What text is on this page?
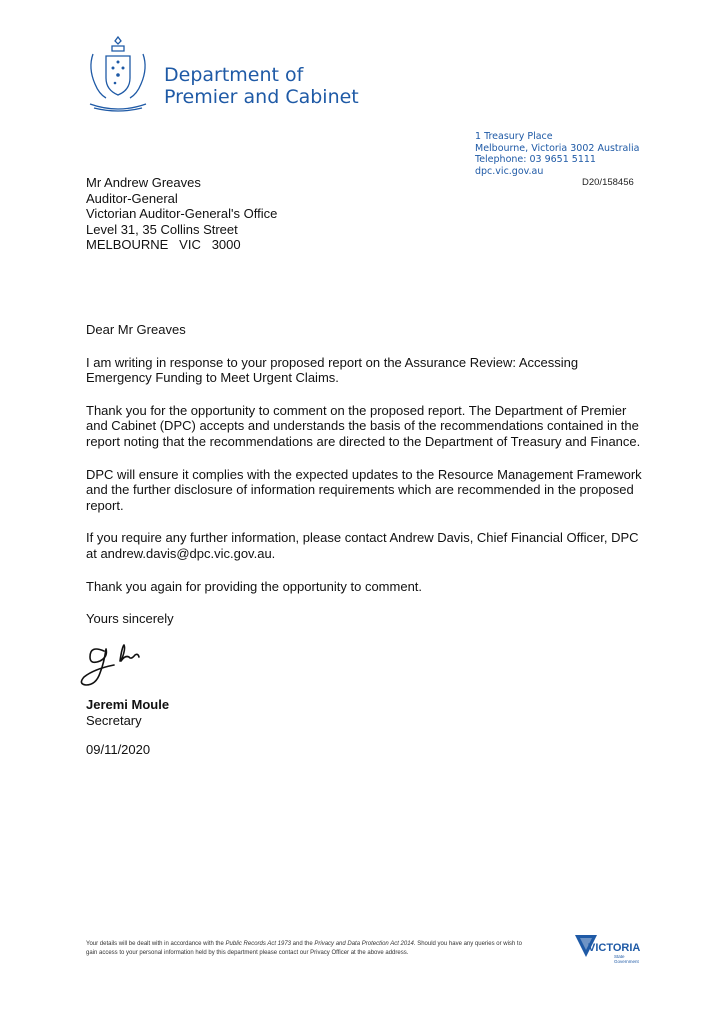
Department of
Premier and Cabinet
1 Treasury Place
Melbourne, Victoria 3002 Australia
Telephone: 03 9651 5111
dpc.vic.gov.au
D20/158456
Mr Andrew Greaves
Auditor-General
Victorian Auditor-General's Office
Level 31, 35 Collins Street
MELBOURNE   VIC   3000

Dear Mr Greaves

I am writing in response to your proposed report on the Assurance Review: Accessing Emergency Funding to Meet Urgent Claims.

Thank you for the opportunity to comment on the proposed report. The Department of Premier and Cabinet (DPC) accepts and understands the basis of the recommendations contained in the report noting that the recommendations are directed to the Department of Treasury and Finance.

DPC will ensure it complies with the expected updates to the Resource Management Framework and the further disclosure of information requirements which are recommended in the proposed report.

If you require any further information, please contact Andrew Davis, Chief Financial Officer, DPC at andrew.davis@dpc.vic.gov.au.

Thank you again for providing the opportunity to comment.

Yours sincerely

Jeremi Moule
Secretary
09/11/2020
Your details will be dealt with in accordance with the Public Records Act 1973 and the Privacy and Data Protection Act 2014. Should you have any queries or wish to gain access to your personal information held by this department please contact our Privacy Officer at the above address.	VICTORIA
State
Government
